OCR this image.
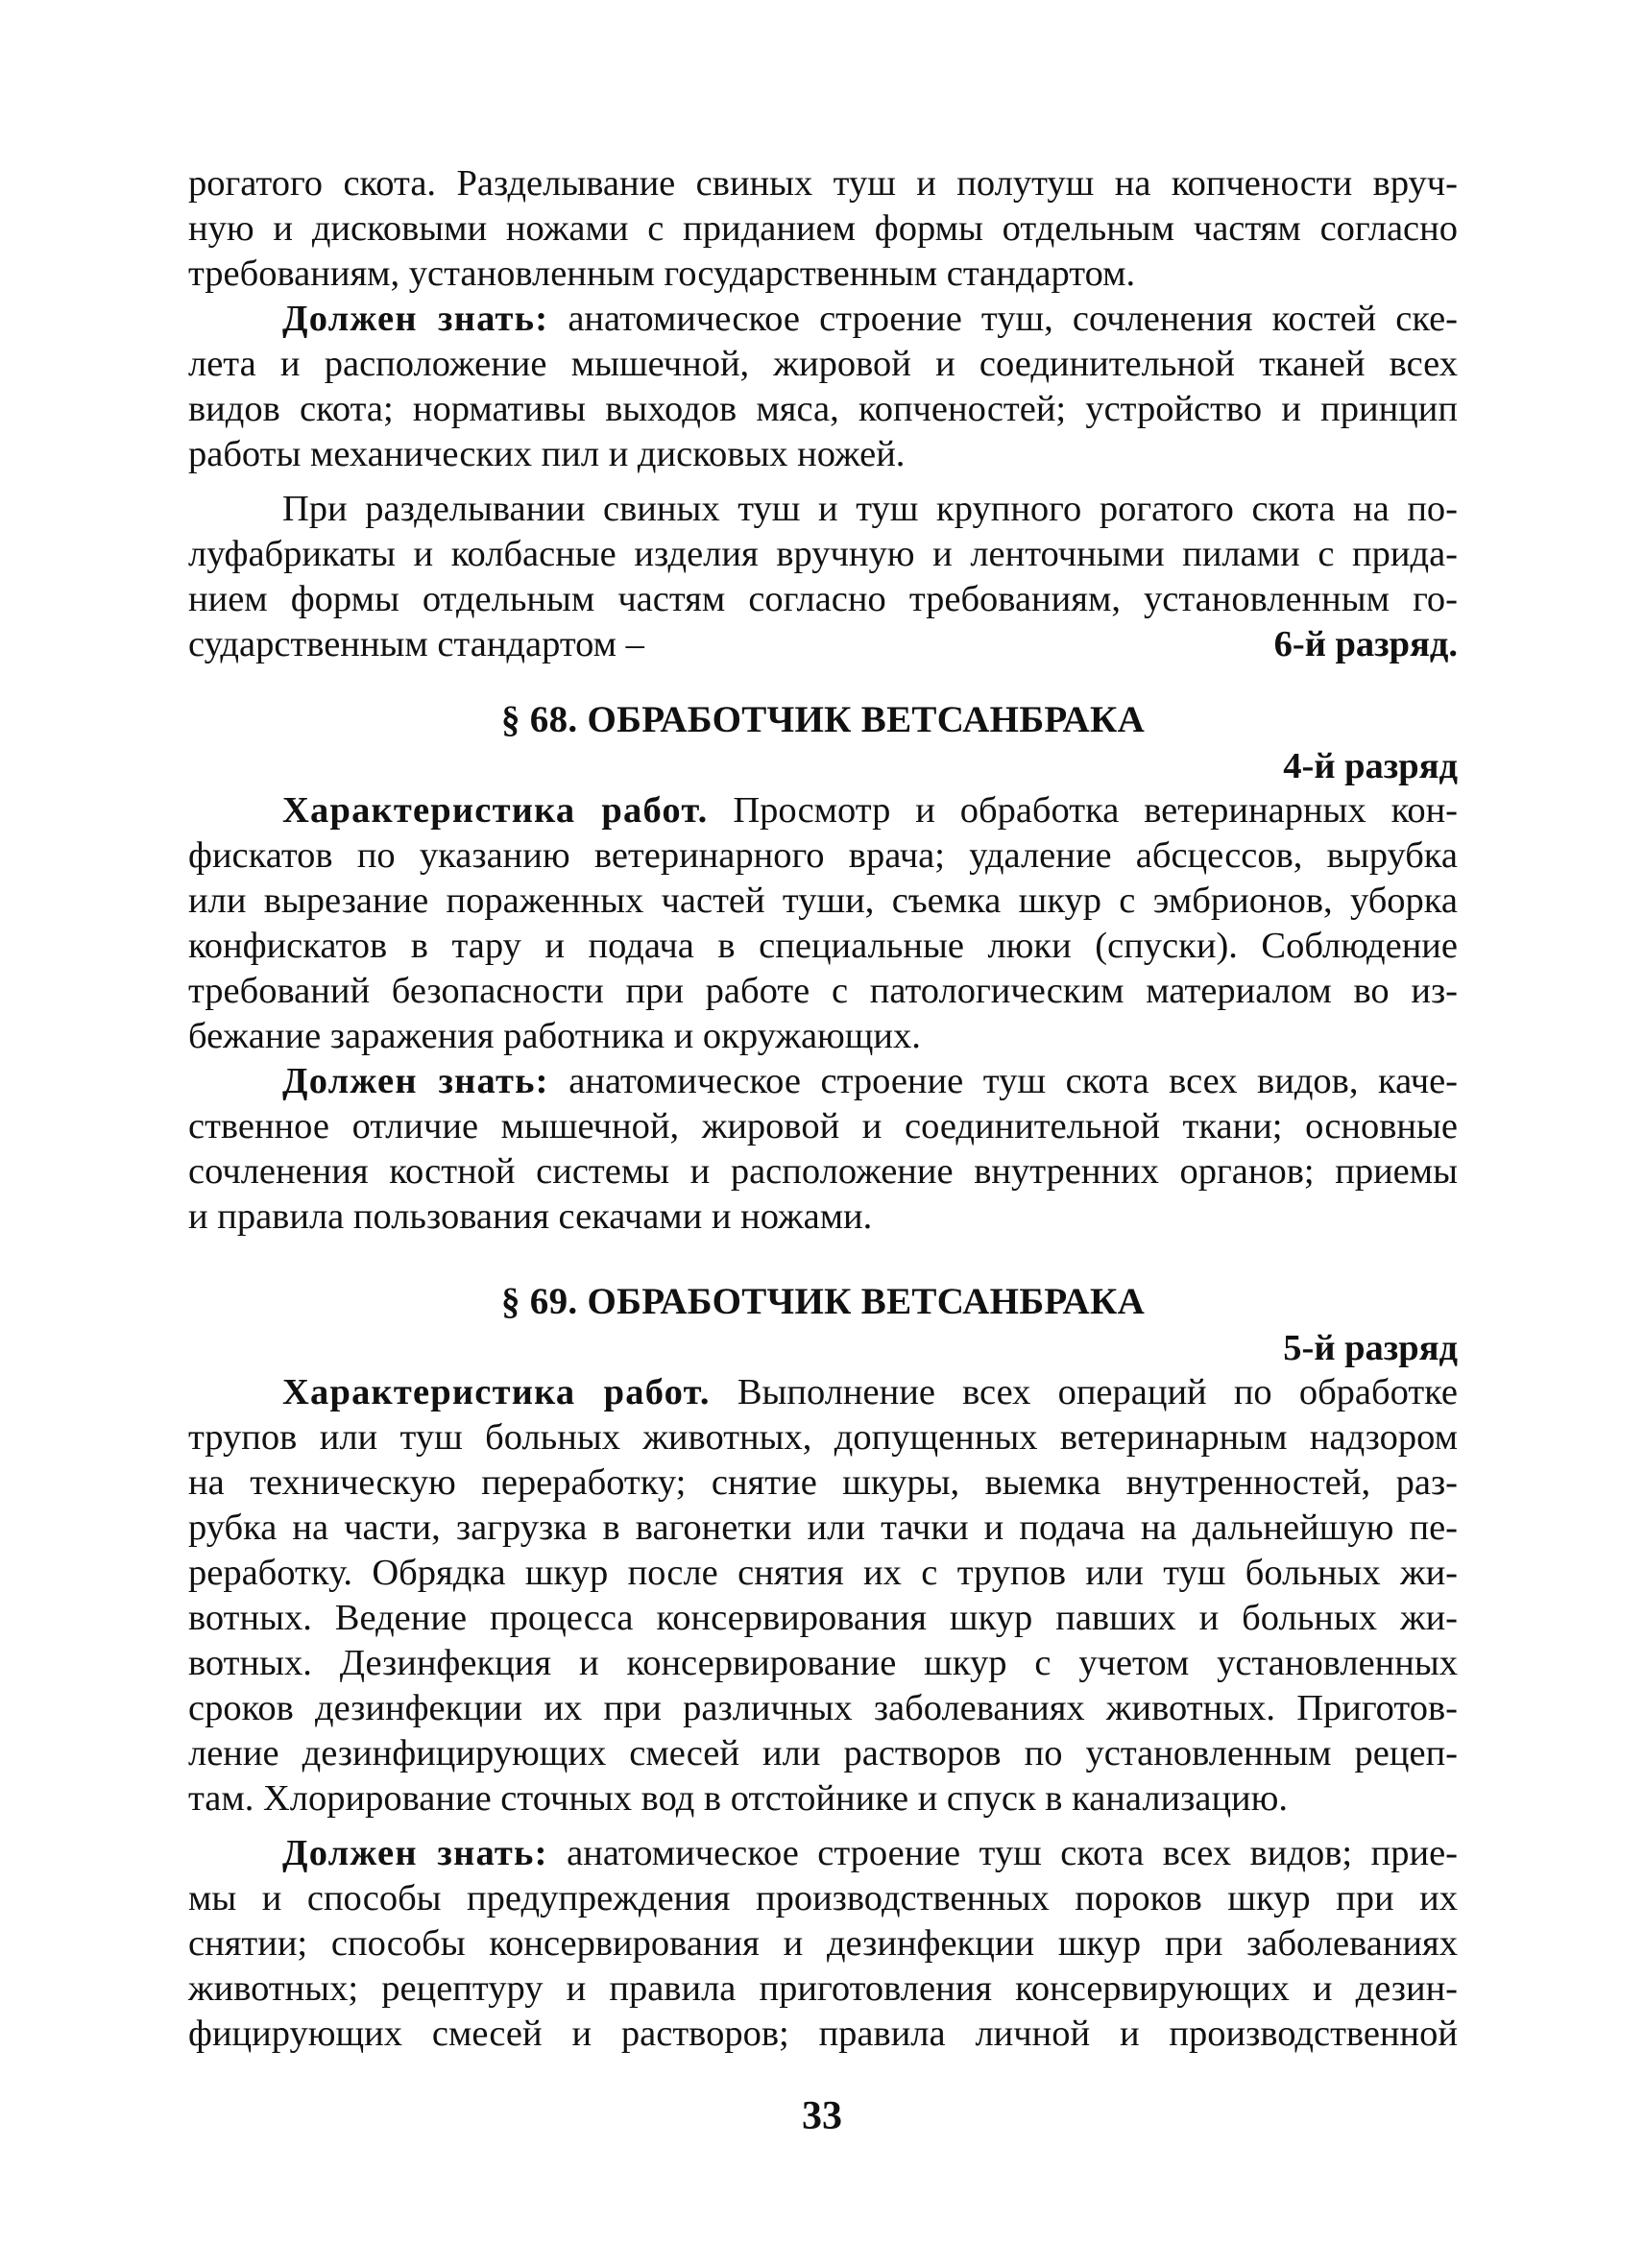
рогатого скота. Разделывание свиных туш и полутуш на копчености вруч-
ную и дисковыми ножами с приданием формы отдельным частям согласно
требованиям, установленным государственным стандартом.
Должен знать: анатомическое строение туш, сочленения костей ске-
лета и расположение мышечной, жировой и соединительной тканей всех
видов скота; нормативы выходов мяса, копченостей; устройство и принцип
работы механических пил и дисковых ножей.
При разделывании свиных туш и туш крупного рогатого скота на по-
луфабрикаты и колбасные изделия вручную и ленточными пилами с прида-
нием формы отдельным частям согласно требованиям, установленным го-
сударственным стандартом –	6-й разряд.
§ 68. ОБРАБОТЧИК ВЕТСАНБРАКА

4-й разряд

Характеристика работ. Просмотр и обработка ветеринарных кон-
фискатов по указанию ветеринарного врача; удаление абсцессов, вырубка
или вырезание пораженных частей туши, съемка шкур с эмбрионов, уборка
конфискатов в тару и подача в специальные люки (спуски). Соблюдение
требований безопасности при работе с патологическим материалом во из-
бежание заражения работника и окружающих.
Должен знать: анатомическое строение туш скота всех видов, каче-
ственное отличие мышечной, жировой и соединительной ткани; основные
сочленения костной системы и расположение внутренних органов; приемы
и правила пользования секачами и ножами.
§ 69. ОБРАБОТЧИК ВЕТСАНБРАКА

5-й разряд

Характеристика работ. Выполнение всех операций по обработке
трупов или туш больных животных, допущенных ветеринарным надзором
на техническую переработку; снятие шкуры, выемка внутренностей, раз-
рубка на части, загрузка в вагонетки или тачки и подача на дальнейшую пе-
реработку. Обрядка шкур после снятия их с трупов или туш больных жи-
вотных. Ведение процесса консервирования шкур павших и больных жи-
вотных. Дезинфекция и консервирование шкур с учетом установленных
сроков дезинфекции их при различных заболеваниях животных. Приготов-
ление дезинфицирующих смесей или растворов по установленным рецеп-
там. Хлорирование сточных вод в отстойнике и спуск в канализацию.
Должен знать: анатомическое строение туш скота всех видов; прие-
мы и способы предупреждения производственных пороков шкур при их
снятии; способы консервирования и дезинфекции шкур при заболеваниях
животных; рецептуру и правила приготовления консервирующих и дезин-
фицирующих смесей и растворов; правила личной и производственной
33
